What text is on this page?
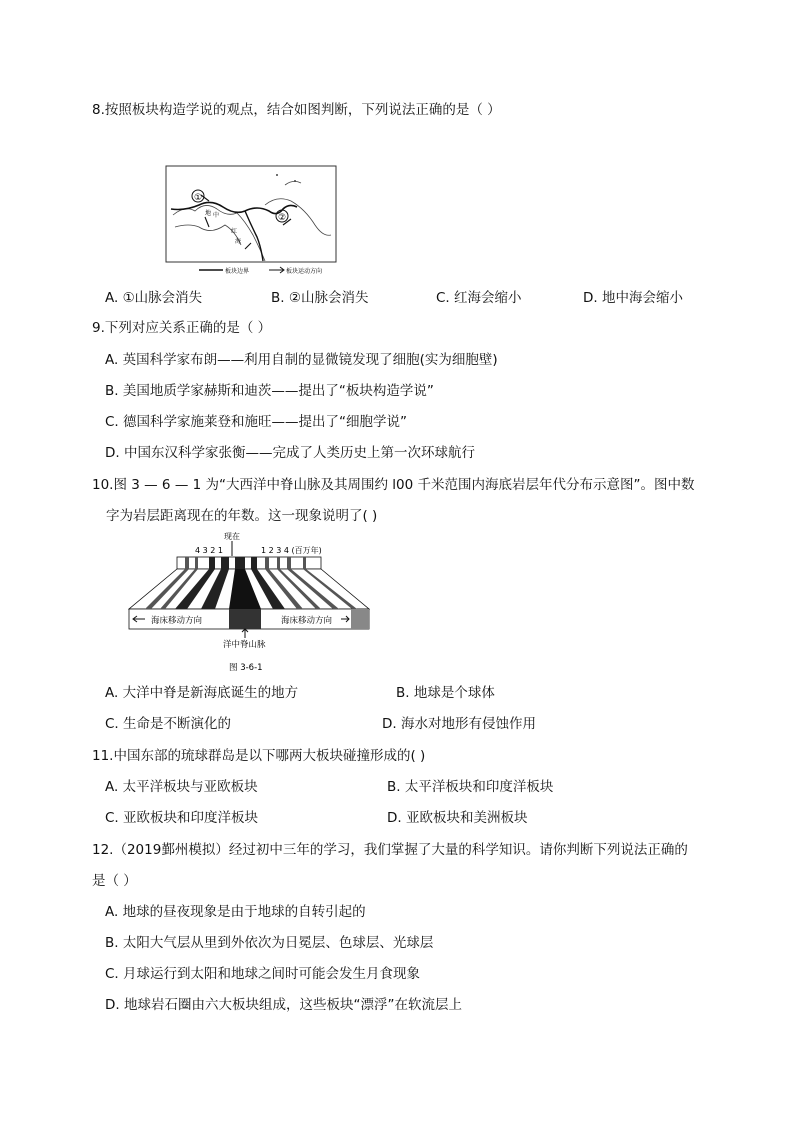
8.按照板块构造学说的观点，结合如图判断，下列说法正确的是（ ）
①
②
地 中
红
海
板块边界	板块运动方向
A. ①山脉会消失	B. ②山脉会消失	C. 红海会缩小	D. 地中海会缩小
9.下列对应关系正确的是（ ）
A. 英国科学家布朗——利用自制的显微镜发现了细胞(实为细胞壁)
B. 美国地质学家赫斯和迪茨——提出了“板块构造学说”
C. 德国科学家施莱登和施旺——提出了“细胞学说”
D. 中国东汉科学家张衡——完成了人类历史上第一次环球航行
10.图 3 — 6 — 1 为“大西洋中脊山脉及其周围约 l00 千米范围内海底岩层年代分布示意图”。图中数
字为岩层距离现在的年数。这一现象说明了( )
现在
4 3 2 1	1 2 3 4 (百万年)
海床移动方向	海床移动方向
洋中脊山脉
图 3-6-1
A. 大洋中脊是新海底诞生的地方	B. 地球是个球体
C. 生命是不断演化的	D. 海水对地形有侵蚀作用
11.中国东部的琉球群岛是以下哪两大板块碰撞形成的( )
A. 太平洋板块与亚欧板块	B. 太平洋板块和印度洋板块
C. 亚欧板块和印度洋板块	D. 亚欧板块和美洲板块
12.（2019鄞州模拟）经过初中三年的学习，我们掌握了大量的科学知识。请你判断下列说法正确的
是（ ）
A. 地球的昼夜现象是由于地球的自转引起的
B. 太阳大气层从里到外依次为日冕层、色球层、光球层
C. 月球运行到太阳和地球之间时可能会发生月食现象
D. 地球岩石圈由六大板块组成，这些板块“漂浮”在软流层上
